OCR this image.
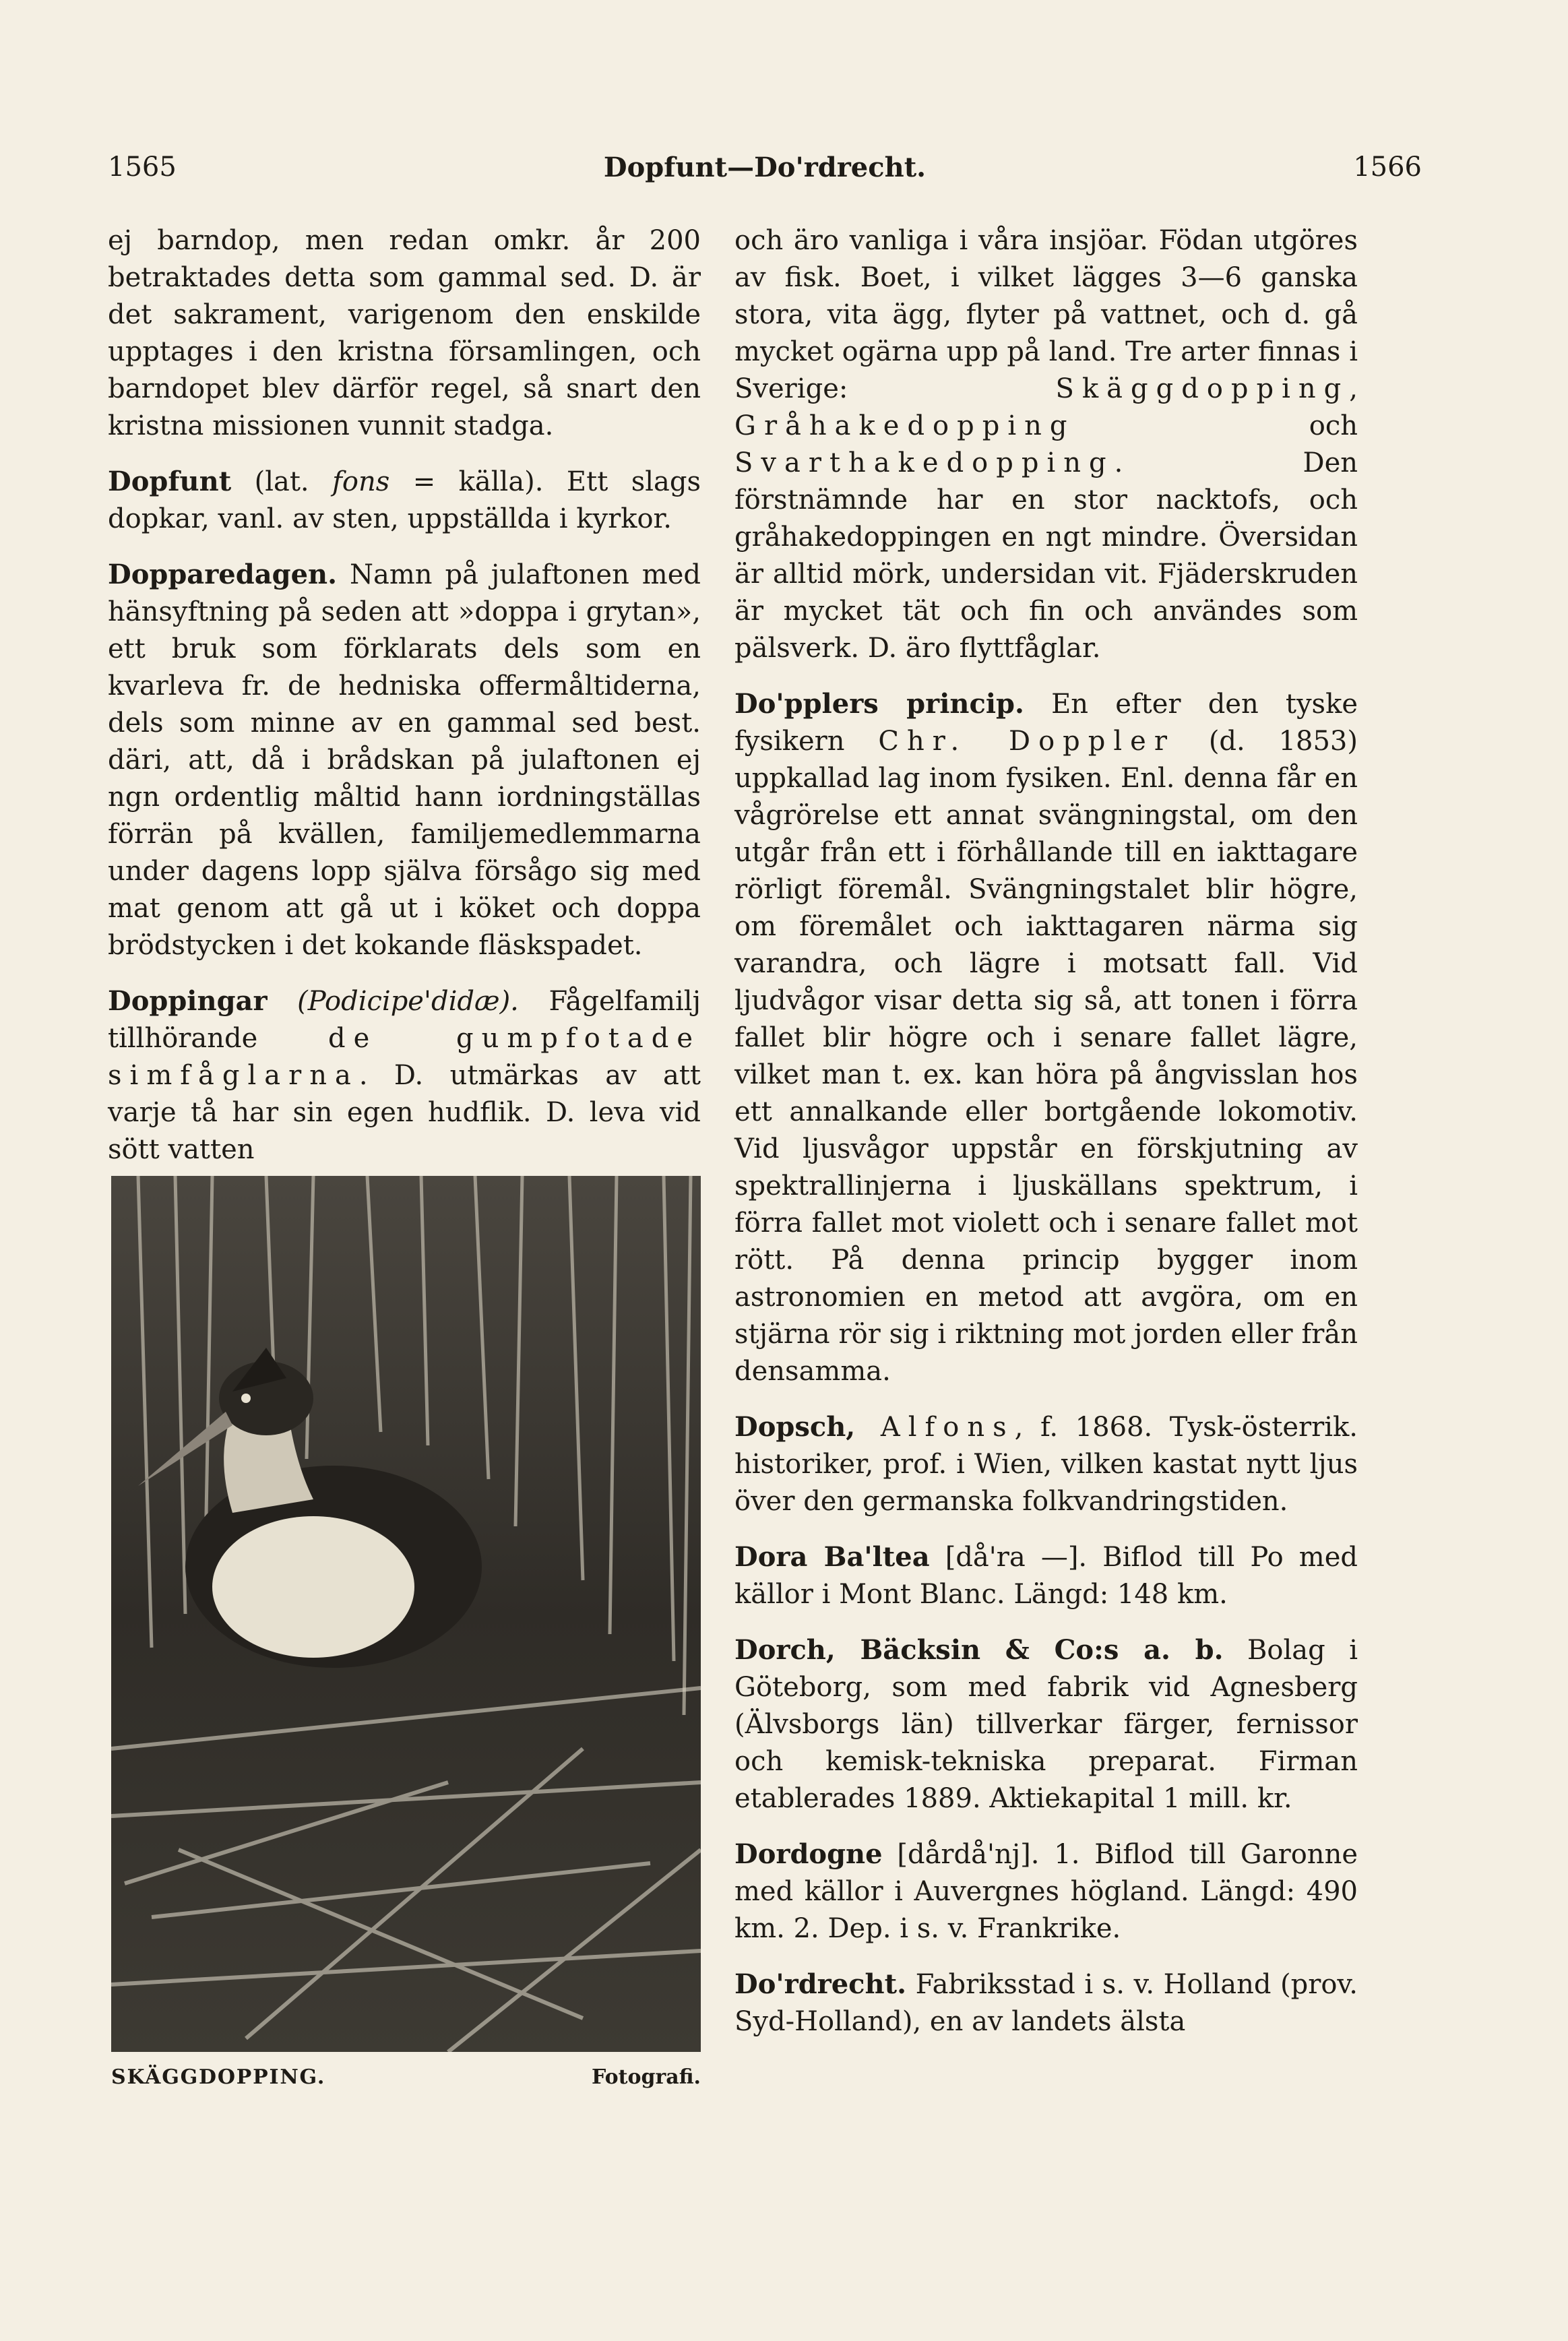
1565	Dopfunt—Do'rdrecht.	1566

ej barndop, men redan omkr. år 200 betraktades detta som gammal sed. D. är det sakrament, varigenom den enskilde upptages i den kristna församlingen, och barndopet blev därför regel, så snart den kristna missionen vunnit stadga.

Dopfunt (lat. fons = källa). Ett slags dopkar, vanl. av sten, uppställda i kyrkor.

Dopparedagen. Namn på julaftonen med hänsyftning på seden att »doppa i grytan», ett bruk som förklarats dels som en kvarleva fr. de hedniska offermåltiderna, dels som minne av en gammal sed best. däri, att, då i brådskan på julaftonen ej ngn ordentlig måltid hann iordningställas förrän på kvällen, familjemedlemmarna under dagens lopp själva försågo sig med mat genom att gå ut i köket och doppa brödstycken i det kokande fläskspadet.

Doppingar (Podicipe'didæ). Fågelfamilj tillhörande de gumpfotade simfåglarna. D. utmärkas av att varje tå har sin egen hudflik. D. leva vid sött vatten

SKÄGGDOPPING.	Fotografi.

och äro vanliga i våra insjöar. Födan utgöres av fisk. Boet, i vilket lägges 3—6 ganska stora, vita ägg, flyter på vattnet, och d. gå mycket ogärna upp på land. Tre arter finnas i Sverige: Skäggdopping, Gråhakedopping och Svarthakedopping. Den förstnämnde har en stor nacktofs, och gråhakedoppingen en ngt mindre. Översidan är alltid mörk, undersidan vit. Fjäderskruden är mycket tät och fin och användes som pälsverk. D. äro flyttfåglar.

Do'pplers princip. En efter den tyske fysikern Chr. Doppler (d. 1853) uppkallad lag inom fysiken. Enl. denna får en vågrörelse ett annat svängningstal, om den utgår från ett i förhållande till en iakttagare rörligt föremål. Svängningstalet blir högre, om föremålet och iakttagaren närma sig varandra, och lägre i motsatt fall. Vid ljudvågor visar detta sig så, att tonen i förra fallet blir högre och i senare fallet lägre, vilket man t. ex. kan höra på ångvisslan hos ett annalkande eller bortgående lokomotiv. Vid ljusvågor uppstår en förskjutning av spektrallinjerna i ljuskällans spektrum, i förra fallet mot violett och i senare fallet mot rött. På denna princip bygger inom astronomien en metod att avgöra, om en stjärna rör sig i riktning mot jorden eller från densamma.

Dopsch, Alfons, f. 1868. Tysk-österrik. historiker, prof. i Wien, vilken kastat nytt ljus över den germanska folkvandringstiden.

Dora Ba'ltea [då'ra —]. Biflod till Po med källor i Mont Blanc. Längd: 148 km.

Dorch, Bäcksin & Co:s a. b. Bolag i Göteborg, som med fabrik vid Agnesberg (Älvsborgs län) tillverkar färger, fernissor och kemisk-tekniska preparat. Firman etablerades 1889. Aktiekapital 1 mill. kr.

Dordogne [dårdå'nj]. 1. Biflod till Garonne med källor i Auvergnes högland. Längd: 490 km. 2. Dep. i s. v. Frankrike.

Do'rdrecht. Fabriksstad i s. v. Holland (prov. Syd-Holland), en av landets älsta
